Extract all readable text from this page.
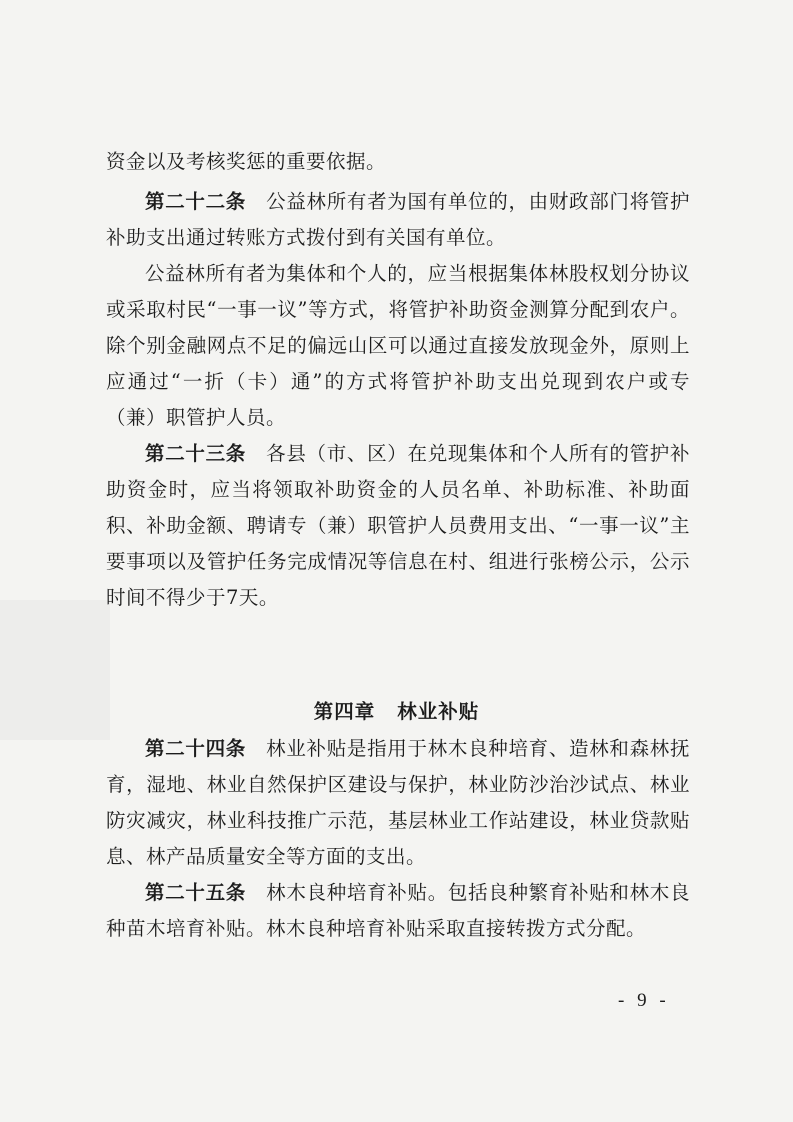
资金以及考核奖惩的重要依据。

第二十二条　公益林所有者为国有单位的，由财政部门将管护补助支出通过转账方式拨付到有关国有单位。

公益林所有者为集体和个人的，应当根据集体林股权划分协议或采取村民“一事一议”等方式，将管护补助资金测算分配到农户。除个别金融网点不足的偏远山区可以通过直接发放现金外，原则上应通过“一折（卡）通”的方式将管护补助支出兑现到农户或专（兼）职管护人员。

第二十三条　各县（市、区）在兑现集体和个人所有的管护补助资金时，应当将领取补助资金的人员名单、补助标准、补助面积、补助金额、聘请专（兼）职管护人员费用支出、“一事一议”主要事项以及管护任务完成情况等信息在村、组进行张榜公示，公示时间不得少于7天。

第四章 林业补贴

第二十四条　林业补贴是指用于林木良种培育、造林和森林抚育，湿地、林业自然保护区建设与保护，林业防沙治沙试点、林业防灾减灾，林业科技推广示范，基层林业工作站建设，林业贷款贴息、林产品质量安全等方面的支出。

第二十五条　林木良种培育补贴。包括良种繁育补贴和林木良种苗木培育补贴。林木良种培育补贴采取直接转拨方式分配。

- 9 -
